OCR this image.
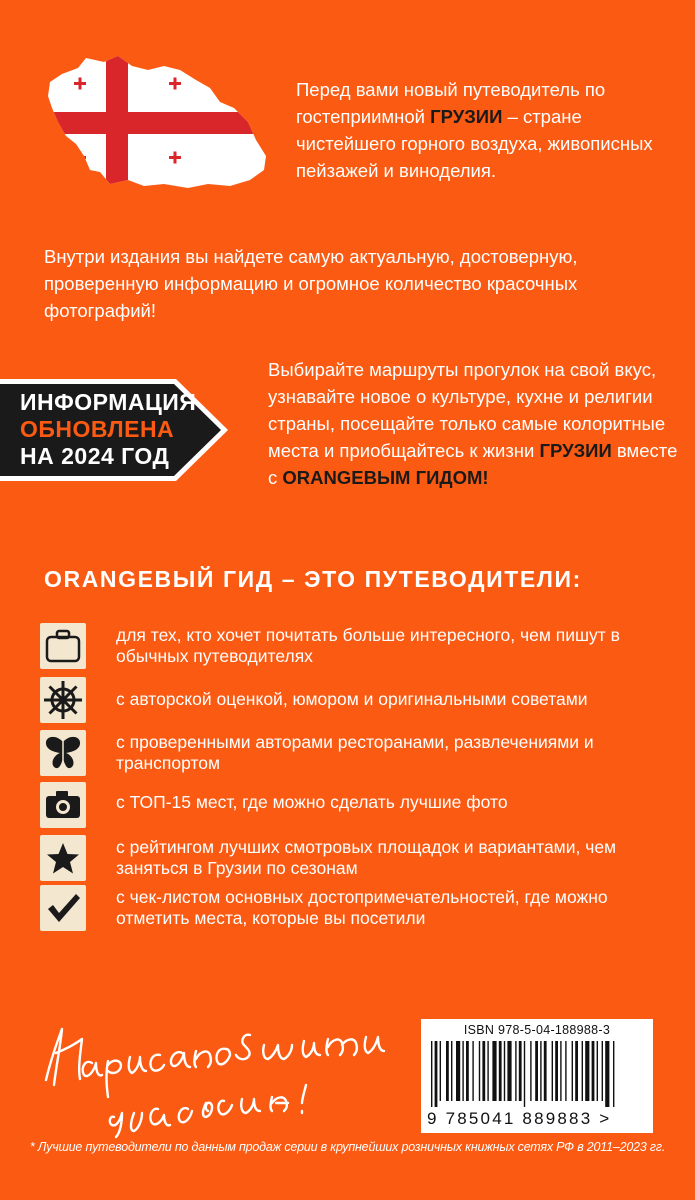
Перед вами новый путеводитель по гостеприимной ГРУЗИИ – стране чистейшего горного воздуха, живописных пейзажей и виноделия.

Внутри издания вы найдете самую актуальную, достоверную, проверенную информацию и огромное количество красочных фотографий!

ИНФОРМАЦИЯ
ОБНОВЛЕНА
НА 2024 ГОД

Выбирайте маршруты прогулок на свой вкус, узнавайте новое о культуре, кухне и религии страны, посещайте только самые колоритные места и приобщайтесь к жизни ГРУЗИИ вместе с ORANGEВЫМ ГИДОМ!

ORANGEВЫЙ ГИД – ЭТО ПУТЕВОДИТЕЛИ:
для тех, кто хочет почитать больше интересного, чем пишут в обычных путеводителях
с авторской оценкой, юмором и оригинальными советами
с проверенными авторами ресторанами, развлечениями и транспортом
с ТОП-15 мест, где можно сделать лучшие фото
с рейтингом лучших смотровых площадок и вариантами, чем заняться в Грузии по сезонам
с чек-листом основных достопримечательностей, где можно отметить места, которые вы посетили
ISBN 978-5-04-188988-3
9 785041 889883 >
* Лучшие путеводители по данным продаж серии в крупнейших розничных книжных сетях РФ в 2011–2023 гг.
